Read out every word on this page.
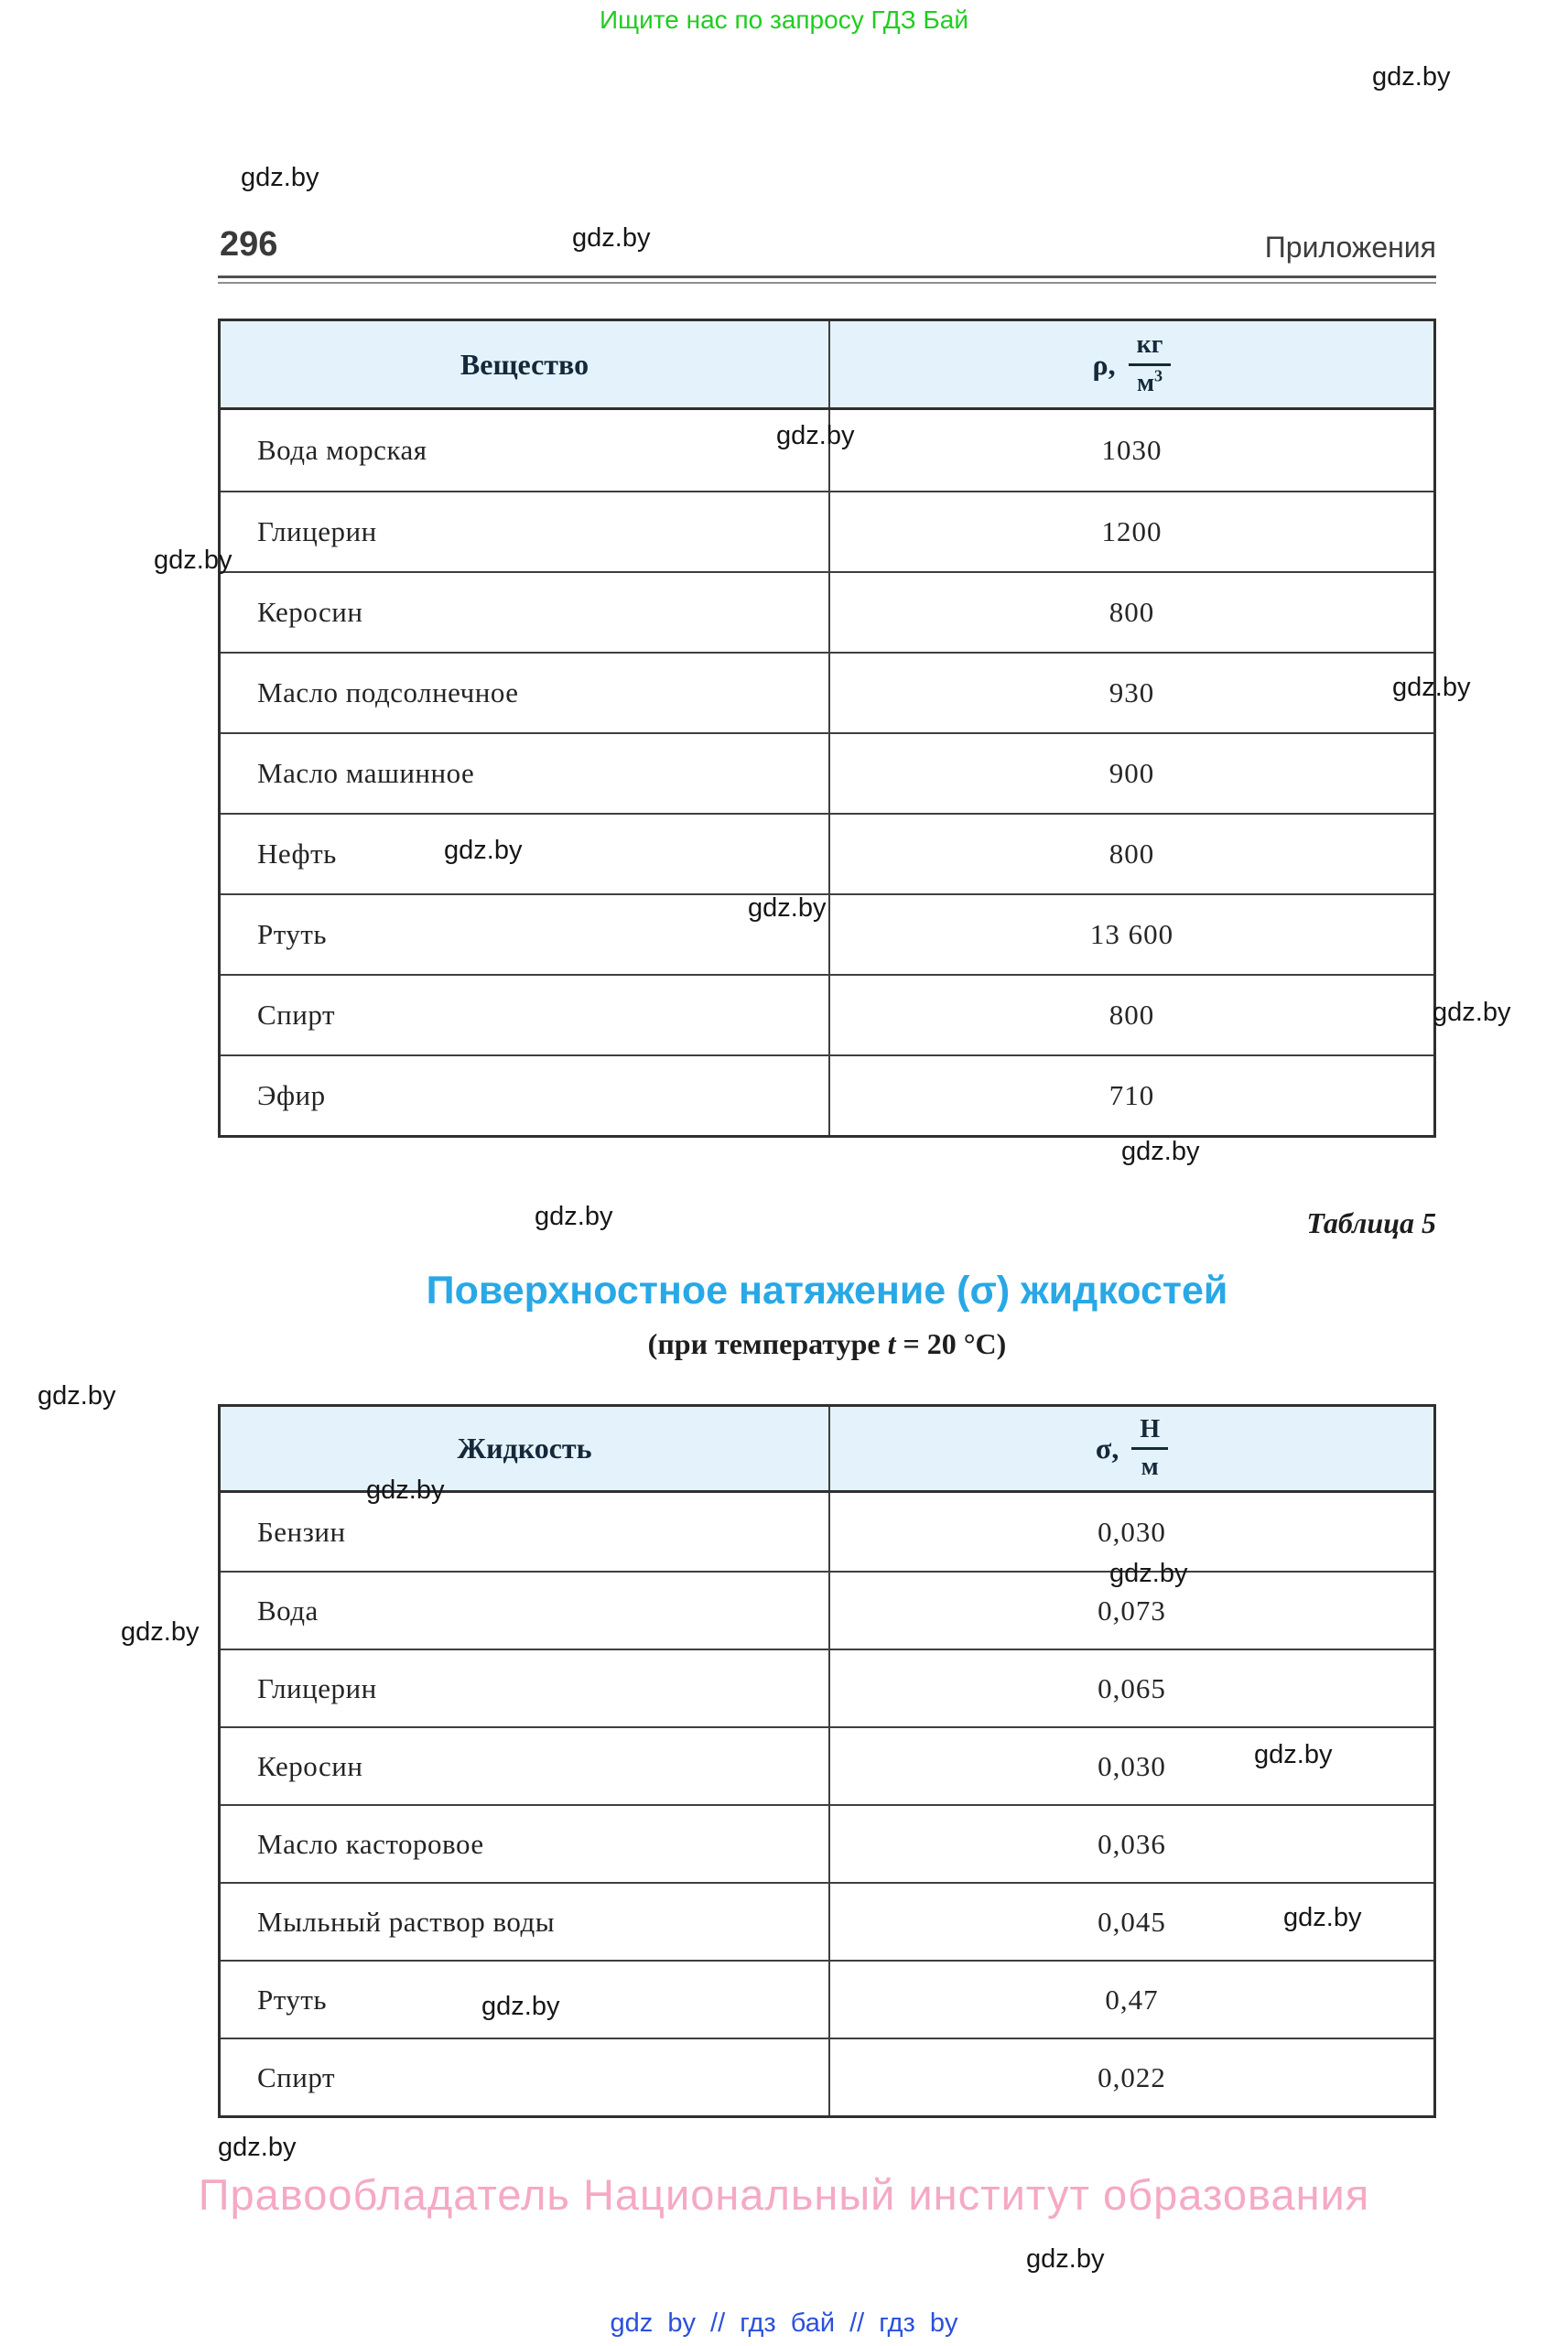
Ищите нас по запросу ГДЗ Бай
296	Приложения
Вещество	ρ, $\frac{кг}{м^3}$
Вода морская	1030
Глицерин	1200
Керосин	800
Масло подсолнечное	930
Масло машинное	900
Нефть	800
Ртуть	13 600
Спирт	800
Эфир	710
Таблица 5
Поверхностное натяжение (σ) жидкостей
(при температуре t = 20 °C)
Жидкость	σ, $\frac{Н}{м}$
Бензин	0,030
Вода	0,073
Глицерин	0,065
Керосин	0,030
Масло касторовое	0,036
Мыльный раствор воды	0,045
Ртуть	0,47
Спирт	0,022
Правообладатель Национальный институт образования
gdz by // гдз бай // гдз by
gdz.by
gdz.by
gdz.by
gdz.by
gdz.by
gdz.by
gdz.by
gdz.by
gdz.by
gdz.by
gdz.by
gdz.by
gdz.by
gdz.by
gdz.by
gdz.by
gdz.by
gdz.by
gdz.by
gdz.by
